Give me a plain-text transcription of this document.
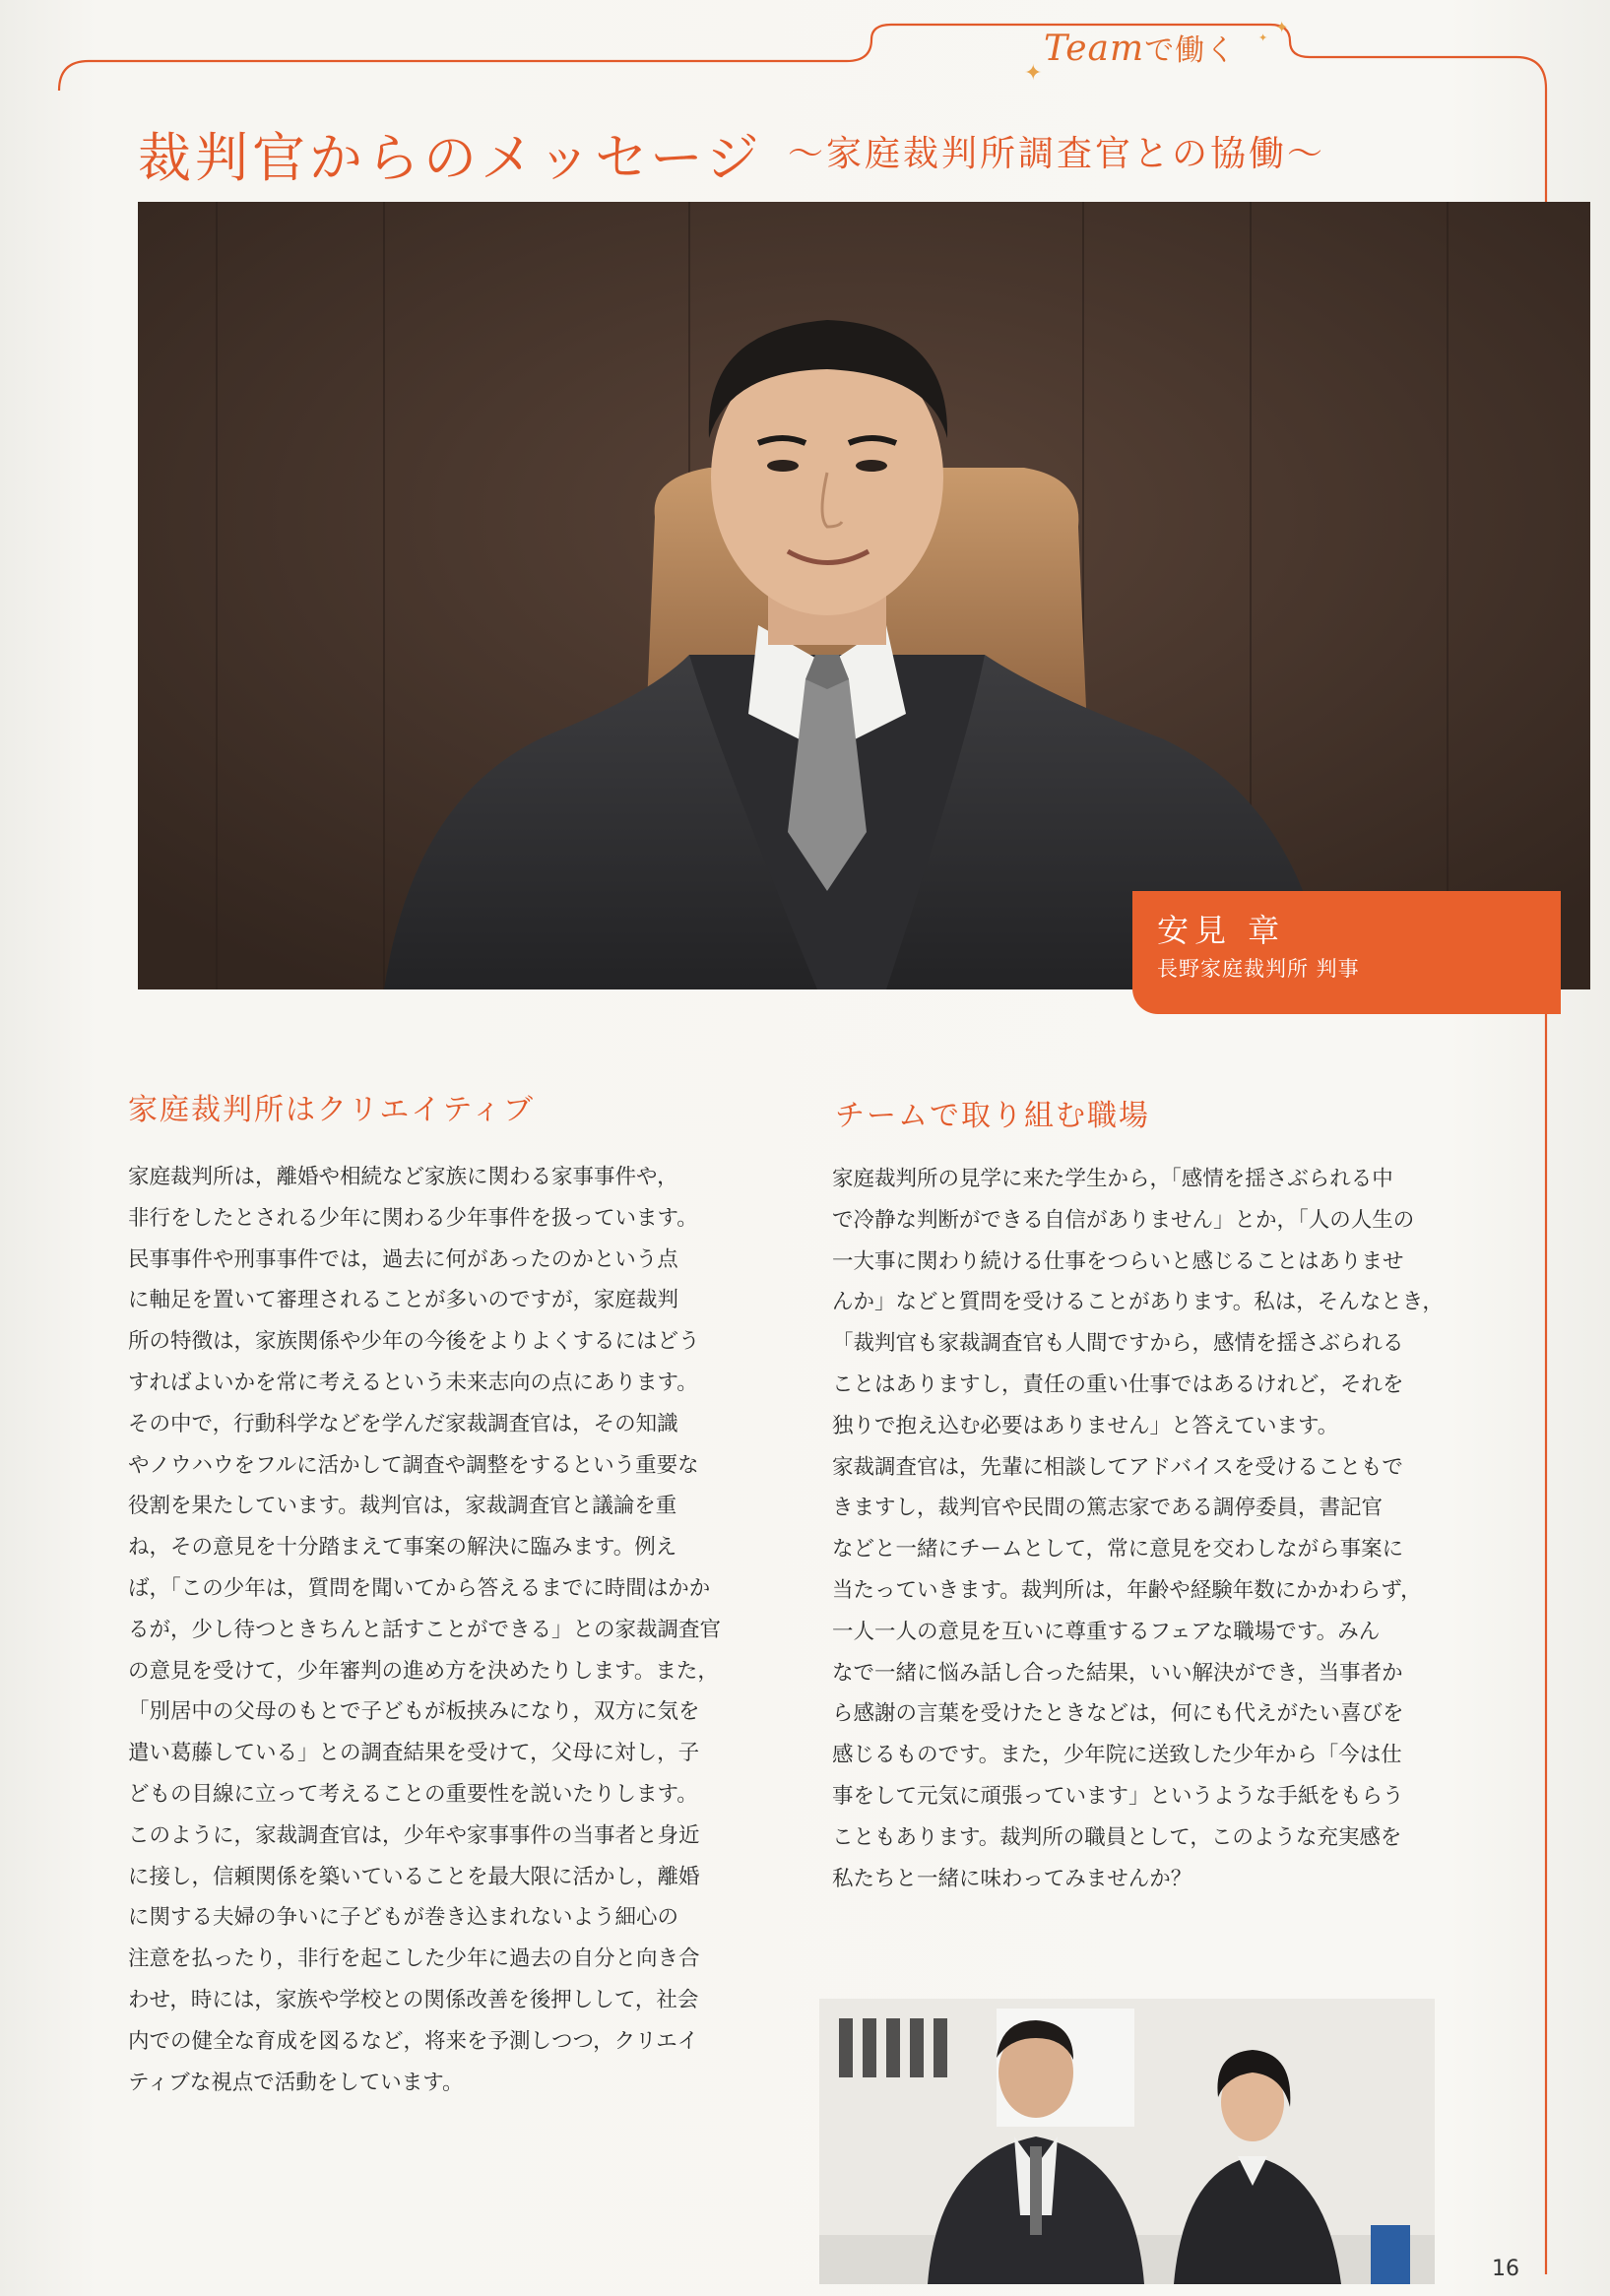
Teamで働く
✦
✦
✦
裁判官からのメッセージ ～家庭裁判所調査官との協働～
安見 章
長野家庭裁判所 判事
家庭裁判所はクリエイティブ

家庭裁判所は，離婚や相続など家族に関わる家事事件や，

非行をしたとされる少年に関わる少年事件を扱っています。

民事事件や刑事事件では，過去に何があったのかという点

に軸足を置いて審理されることが多いのですが，家庭裁判

所の特徴は，家族関係や少年の今後をよりよくするにはどう

すればよいかを常に考えるという未来志向の点にあります。

その中で，行動科学などを学んだ家裁調査官は，その知識

やノウハウをフルに活かして調査や調整をするという重要な

役割を果たしています。裁判官は，家裁調査官と議論を重

ね，その意見を十分踏まえて事案の解決に臨みます。例え

ば，「この少年は，質問を聞いてから答えるまでに時間はかか

るが，少し待つときちんと話すことができる」との家裁調査官

の意見を受けて，少年審判の進め方を決めたりします。また，

「別居中の父母のもとで子どもが板挟みになり，双方に気を

遣い葛藤している」との調査結果を受けて，父母に対し，子

どもの目線に立って考えることの重要性を説いたりします。

このように，家裁調査官は，少年や家事事件の当事者と身近

に接し，信頼関係を築いていることを最大限に活かし，離婚

に関する夫婦の争いに子どもが巻き込まれないよう細心の

注意を払ったり，非行を起こした少年に過去の自分と向き合

わせ，時には，家族や学校との関係改善を後押しして，社会

内での健全な育成を図るなど，将来を予測しつつ，クリエイ

ティブな視点で活動をしています。

チームで取り組む職場

家庭裁判所の見学に来た学生から，「感情を揺さぶられる中

で冷静な判断ができる自信がありません」とか，「人の人生の

一大事に関わり続ける仕事をつらいと感じることはありませ

んか」などと質問を受けることがあります。私は，そんなとき，

「裁判官も家裁調査官も人間ですから，感情を揺さぶられる

ことはありますし，責任の重い仕事ではあるけれど，それを

独りで抱え込む必要はありません」と答えています。

家裁調査官は，先輩に相談してアドバイスを受けることもで

きますし，裁判官や民間の篤志家である調停委員，書記官

などと一緒にチームとして，常に意見を交わしながら事案に

当たっていきます。裁判所は，年齢や経験年数にかかわらず，

一人一人の意見を互いに尊重するフェアな職場です。みん

なで一緒に悩み話し合った結果，いい解決ができ，当事者か

ら感謝の言葉を受けたときなどは，何にも代えがたい喜びを

感じるものです。また，少年院に送致した少年から「今は仕

事をして元気に頑張っています」というような手紙をもらう

こともあります。裁判所の職員として，このような充実感を

私たちと一緒に味わってみませんか？

16
